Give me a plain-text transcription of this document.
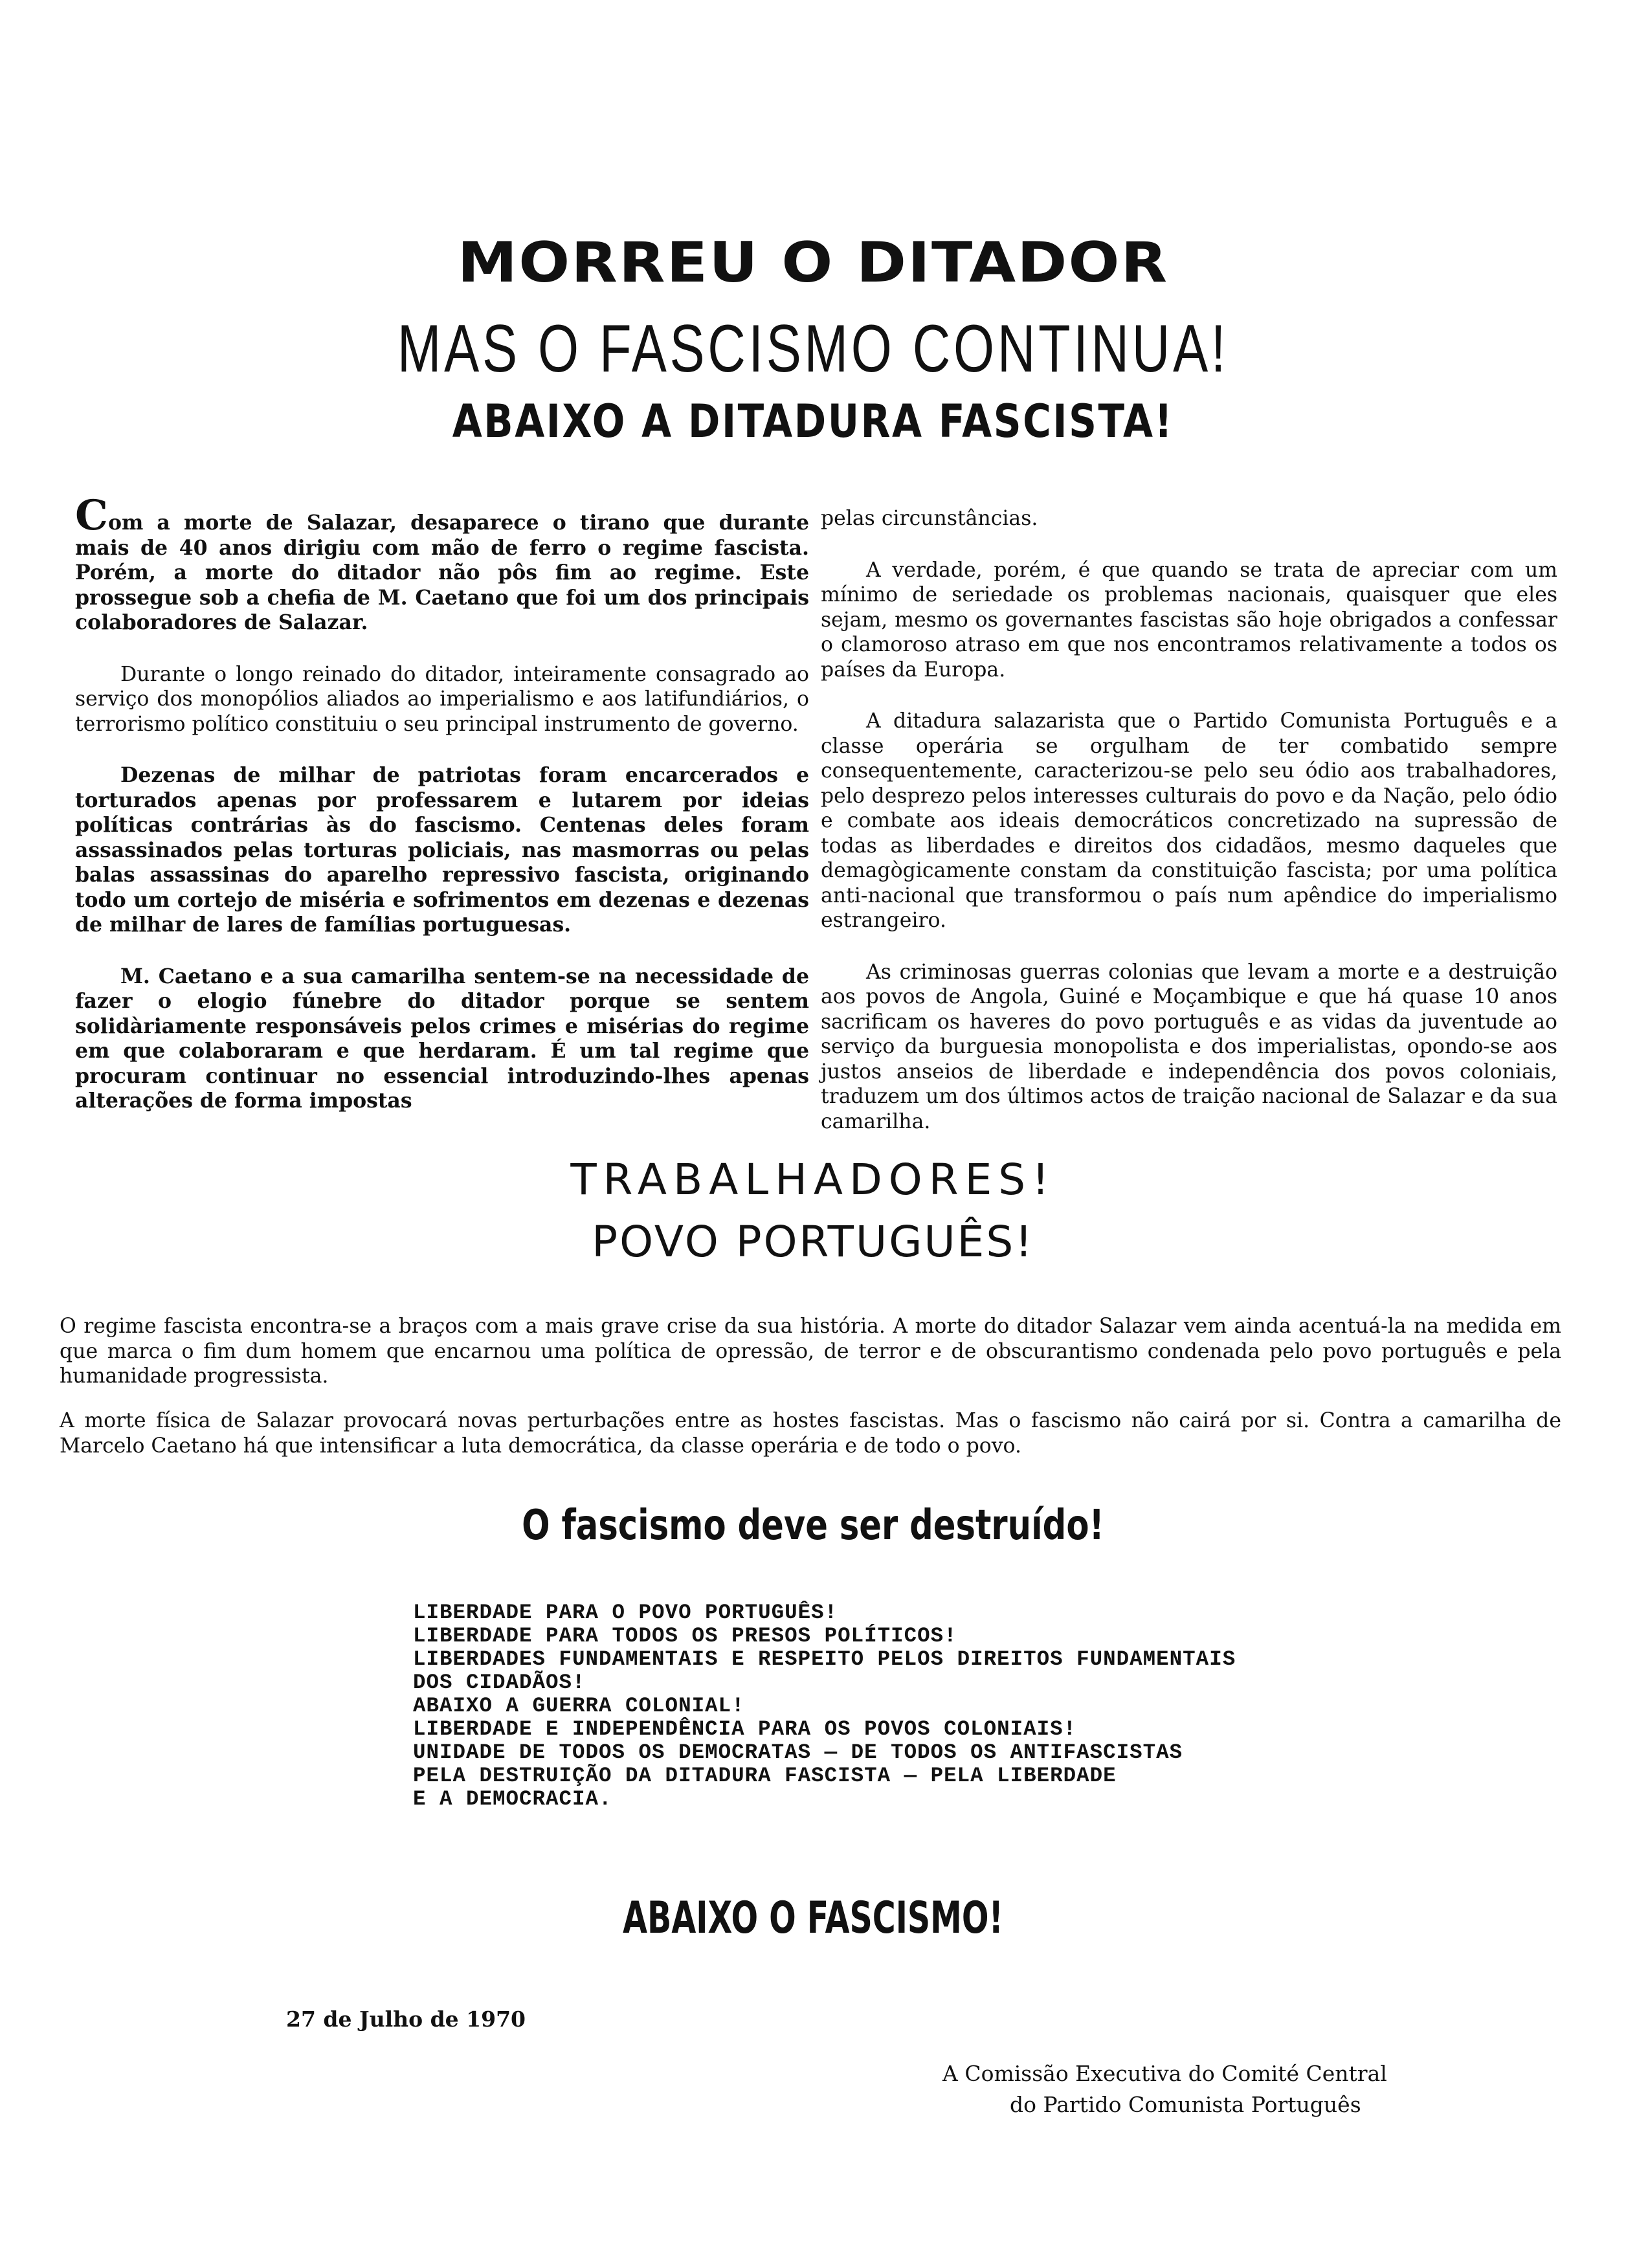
MORREU O DITADOR
MAS O FASCISMO CONTINUA!
ABAIXO A DITADURA FASCISTA!

Com a morte de Salazar, desaparece o tirano que durante mais de 40 anos dirigiu com mão de ferro o regime fascista. Porém, a morte do ditador não pôs fim ao regime. Este prossegue sob a chefia de M. Caetano que foi um dos principais colaboradores de Salazar.

Durante o longo reinado do ditador, inteiramente consagrado ao serviço dos monopólios aliados ao imperialismo e aos latifundiários, o terrorismo político constituiu o seu principal instrumento de governo.

Dezenas de milhar de patriotas foram encarcerados e torturados apenas por professarem e lutarem por ideias políticas contrárias às do fascismo. Centenas deles foram assassinados pelas torturas policiais, nas masmorras ou pelas balas assassinas do aparelho repressivo fascista, originando todo um cortejo de miséria e sofrimentos em dezenas e dezenas de milhar de lares de famílias portuguesas.

M. Caetano e a sua camarilha sentem-se na necessidade de fazer o elogio fúnebre do ditador porque se sentem solidàriamente responsáveis pelos crimes e misérias do regime em que colaboraram e que herdaram. É um tal regime que procuram continuar no essencial introduzindo-lhes apenas alterações de forma impostas

pelas circunstâncias.

A verdade, porém, é que quando se trata de apreciar com um mínimo de seriedade os problemas nacionais, quaisquer que eles sejam, mesmo os governantes fascistas são hoje obrigados a confessar o clamoroso atraso em que nos encontramos relativamente a todos os países da Europa.

A ditadura salazarista que o Partido Comunista Português e a classe operária se orgulham de ter combatido sempre consequentemente, caracterizou-se pelo seu ódio aos trabalhadores, pelo desprezo pelos interesses culturais do povo e da Nação, pelo ódio e combate aos ideais democráticos concretizado na supressão de todas as liberdades e direitos dos cidadãos, mesmo daqueles que demagògicamente constam da constituição fascista; por uma política anti-nacional que transformou o país num apêndice do imperialismo estrangeiro.

As criminosas guerras colonias que levam a morte e a destruição aos povos de Angola, Guiné e Moçambique e que há quase 10 anos sacrificam os haveres do povo português e as vidas da juventude ao serviço da burguesia monopolista e dos imperialistas, opondo-se aos justos anseios de liberdade e independência dos povos coloniais, traduzem um dos últimos actos de traição nacional de Salazar e da sua camarilha.

TRABALHADORES!
POVO PORTUGUÊS!
O regime fascista encontra-se a braços com a mais grave crise da sua história. A morte do ditador Salazar vem ainda acentuá-la na medida em que marca o fim dum homem que encarnou uma política de opressão, de terror e de obscurantismo condenada pelo povo português e pela humanidade progressista.
A morte física de Salazar provocará novas perturbações entre as hostes fascistas. Mas o fascismo não cairá por si. Contra a camarilha de Marcelo Caetano há que intensificar a luta democrática, da classe operária e de todo o povo.
O fascismo deve ser destruído!
LIBERDADE PARA O POVO PORTUGUÊS!
LIBERDADE PARA TODOS OS PRESOS POLÍTICOS!
LIBERDADES FUNDAMENTAIS E RESPEITO PELOS DIREITOS FUNDAMENTAIS
DOS CIDADÃOS!
ABAIXO A GUERRA COLONIAL!
LIBERDADE E INDEPENDÊNCIA PARA OS POVOS COLONIAIS!
UNIDADE DE TODOS OS DEMOCRATAS — DE TODOS OS ANTIFASCISTAS
PELA DESTRUIÇÃO DA DITADURA FASCISTA — PELA LIBERDADE
E A DEMOCRACIA.
ABAIXO O FASCISMO!
27 de Julho de 1970
A Comissão Executiva do Comité Central
do Partido Comunista Português
